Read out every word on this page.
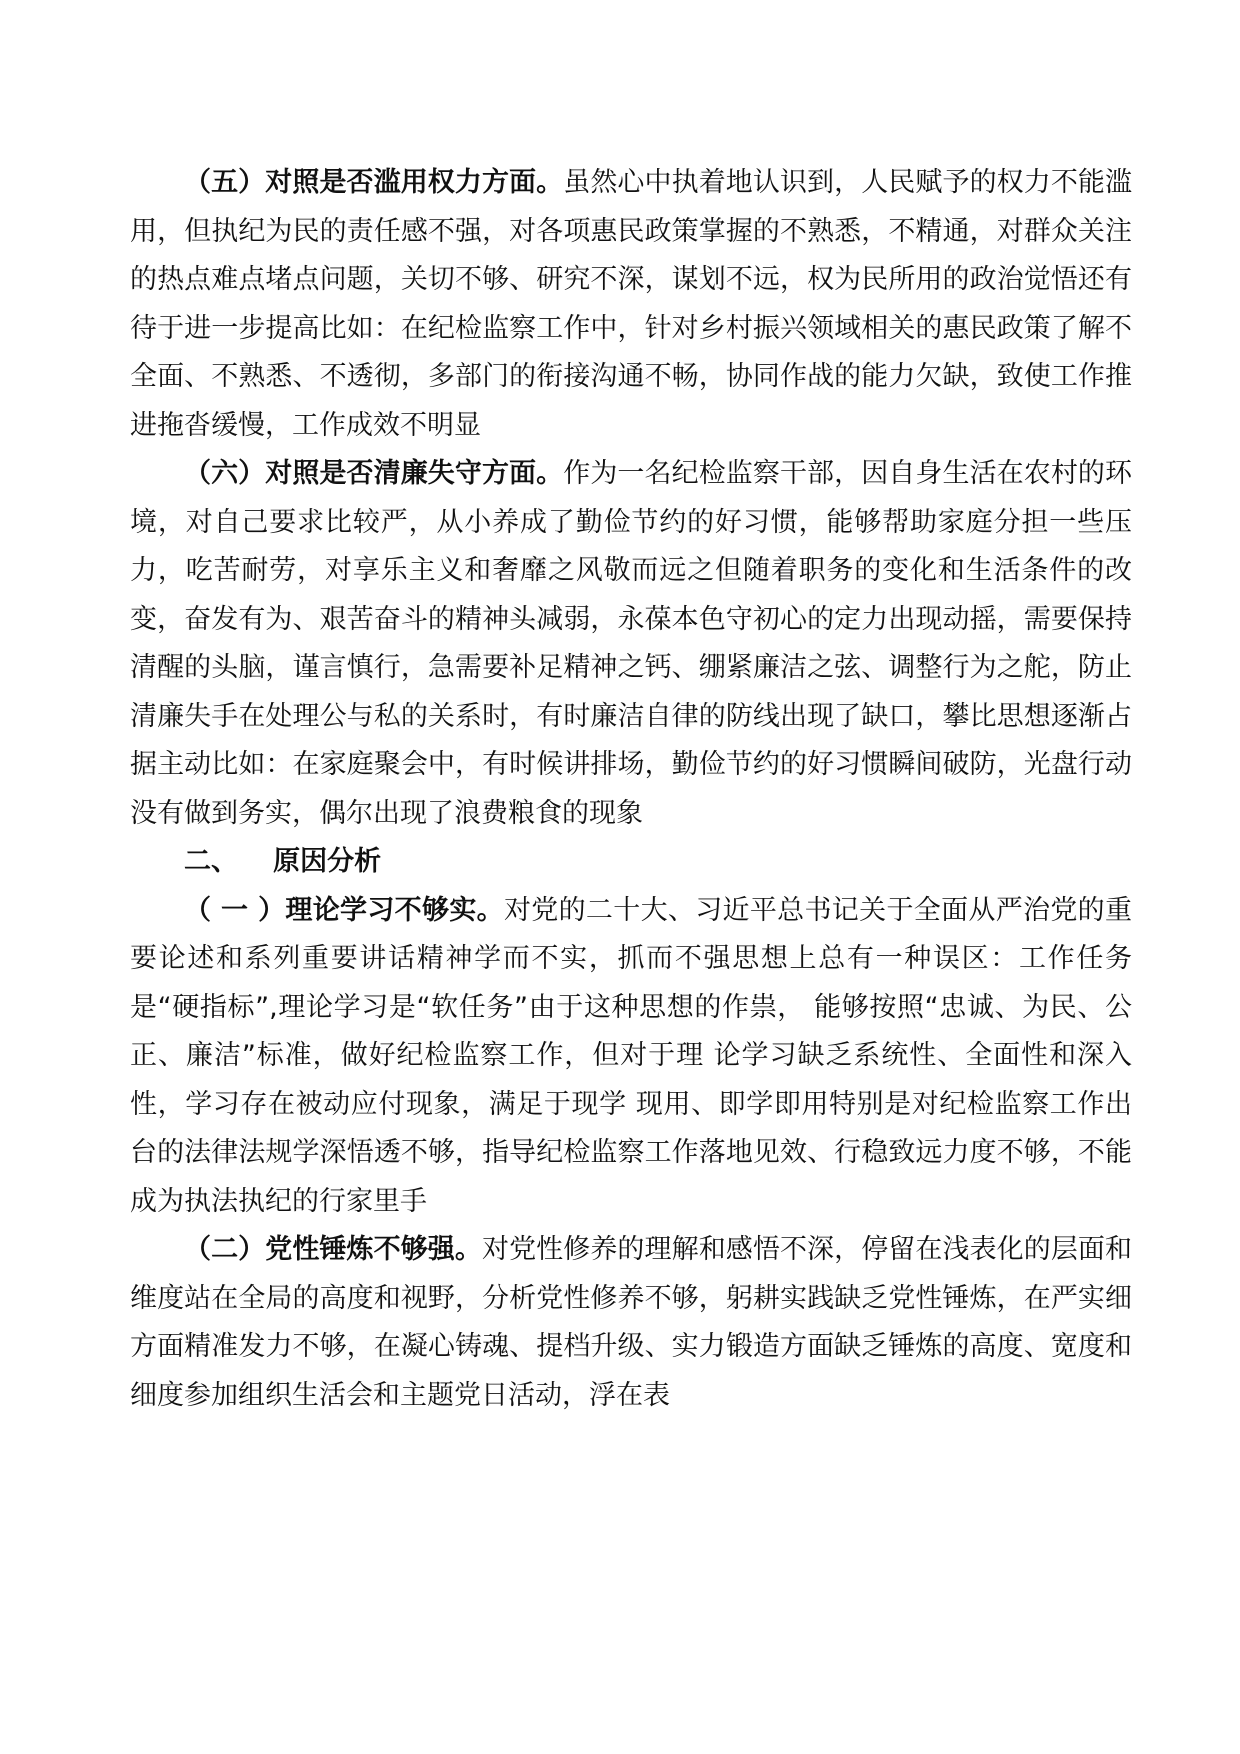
（五）对照是否滥用权力方面。虽然心中执着地认识到，人民赋予的权力不能滥用，但执纪为民的责任感不强，对各项惠民政策掌握的不熟悉，不精通，对群众关注的热点难点堵点问题，关切不够、研究不深，谋划不远，权为民所用的政治觉悟还有待于进一步提高比如：在纪检监察工作中，针对乡村振兴领域相关的惠民政策了解不全面、不熟悉、不透彻，多部门的衔接沟通不畅，协同作战的能力欠缺，致使工作推进拖沓缓慢，工作成效不明显

（六）对照是否清廉失守方面。作为一名纪检监察干部，因自身生活在农村的环境，对自己要求比较严，从小养成了勤俭节约的好习惯，能够帮助家庭分担一些压力，吃苦耐劳，对享乐主义和奢靡之风敬而远之但随着职务的变化和生活条件的改变，奋发有为、艰苦奋斗的精神头减弱，永葆本色守初心的定力出现动摇，需要保持清醒的头脑，谨言慎行，急需要补足精神之钙、绷紧廉洁之弦、调整行为之舵，防止清廉失手在处理公与私的关系时，有时廉洁自律的防线出现了缺口，攀比思想逐渐占据主动比如：在家庭聚会中，有时候讲排场，勤俭节约的好习惯瞬间破防，光盘行动没有做到务实，偶尔出现了浪费粮食的现象

二、 原因分析

（ 一 ）理论学习不够实。对党的二十大、习近平总书记关于全面从严治党的重要论述和系列重要讲话精神学而不实，抓而不强思想上总有一种误区：工作任务是“硬指标”,理论学习是“软任务”由于这种思想的作祟， 能够按照“忠诚、为民、公正、廉洁”标准，做好纪检监察工作，但对于理 论学习缺乏系统性、全面性和深入性，学习存在被动应付现象，满足于现学 现用、即学即用特别是对纪检监察工作出台的法律法规学深悟透不够，指导纪检监察工作落地见效、行稳致远力度不够，不能成为执法执纪的行家里手

（二）党性锤炼不够强。对党性修养的理解和感悟不深，停留在浅表化的层面和维度站在全局的高度和视野，分析党性修养不够，躬耕实践缺乏党性锤炼，在严实细方面精准发力不够，在凝心铸魂、提档升级、实力锻造方面缺乏锤炼的高度、宽度和细度参加组织生活会和主题党日活动，浮在表
